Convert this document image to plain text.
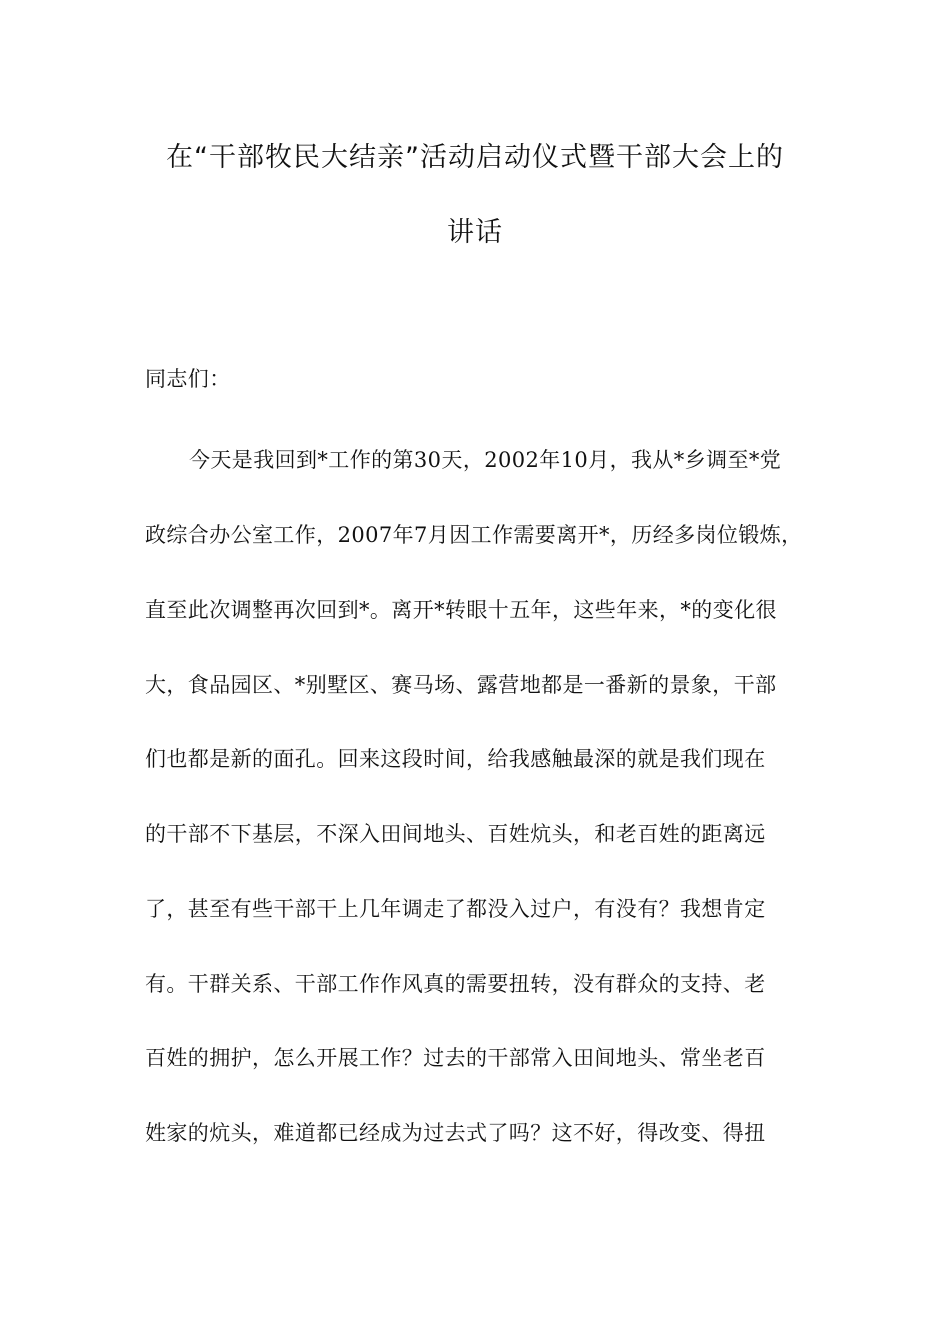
在“干部牧民大结亲”活动启动仪式暨干部大会上的
讲话
同志们：
今天是我回到*工作的第30天，2002年10月，我从*乡调至*党
政综合办公室工作，2007年7月因工作需要离开*，历经多岗位锻炼，
直至此次调整再次回到*。离开*转眼十五年，这些年来，*的变化很
大，食品园区、*别墅区、赛马场、露营地都是一番新的景象，干部
们也都是新的面孔。回来这段时间，给我感触最深的就是我们现在
的干部不下基层，不深入田间地头、百姓炕头，和老百姓的距离远
了，甚至有些干部干上几年调走了都没入过户，有没有？我想肯定
有。干群关系、干部工作作风真的需要扭转，没有群众的支持、老
百姓的拥护，怎么开展工作？过去的干部常入田间地头、常坐老百
姓家的炕头，难道都已经成为过去式了吗？这不好，得改变、得扭
